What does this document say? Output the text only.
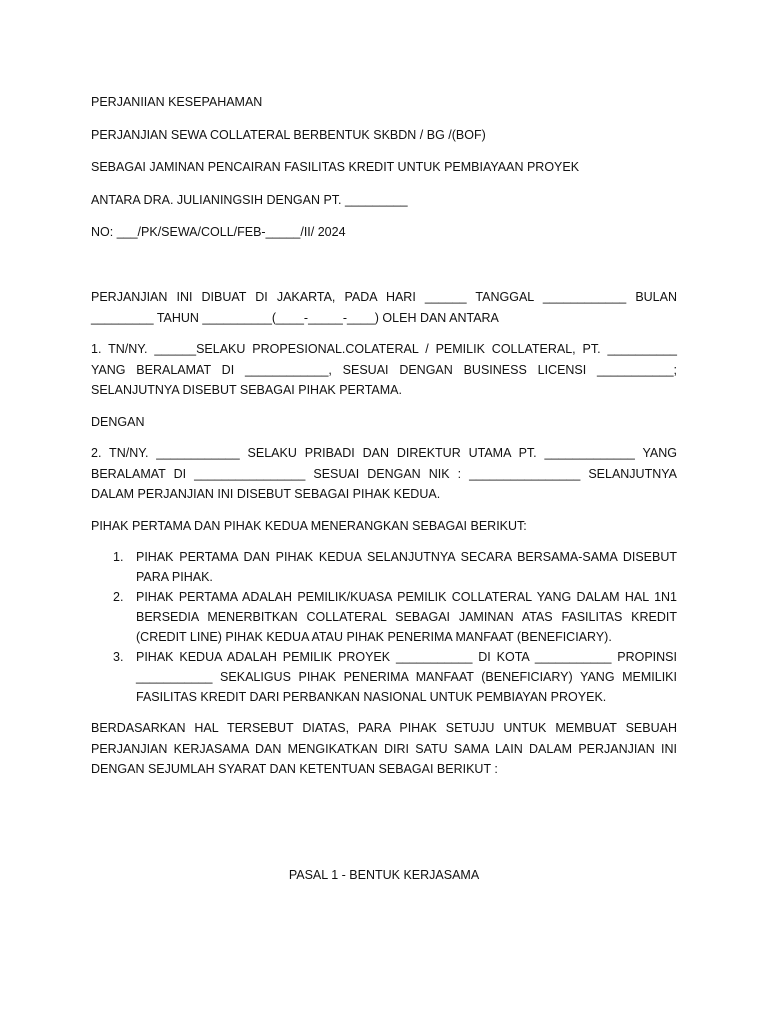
PERJANIIAN KESEPAHAMAN

PERJANJIAN SEWA COLLATERAL BERBENTUK SKBDN / BG /(BOF)

SEBAGAI JAMINAN PENCAIRAN FASILITAS KREDIT UNTUK PEMBIAYAAN PROYEK

ANTARA DRA. JULIANINGSIH DENGAN PT. _________

NO: ___/PK/SEWA/COLL/FEB-_____/II/ 2024

PERJANJIAN INI DIBUAT DI JAKARTA, PADA HARI ______ TANGGAL ____________ BULAN _________ TAHUN __________(____-_____-____) OLEH DAN ANTARA

1. TN/NY. ______SELAKU PROPESIONAL.COLATERAL / PEMILIK COLLATERAL, PT. __________ YANG BERALAMAT DI ____________, SESUAI DENGAN BUSINESS LICENSI ___________; SELANJUTNYA DISEBUT SEBAGAI PIHAK PERTAMA.

DENGAN

2. TN/NY. ____________ SELAKU PRIBADI DAN DIREKTUR UTAMA PT. _____________ YANG BERALAMAT DI ________________ SESUAI DENGAN NIK : ________________ SELANJUTNYA DALAM PERJANJIAN INI DISEBUT SEBAGAI PIHAK KEDUA.

PIHAK PERTAMA DAN PIHAK KEDUA MENERANGKAN SEBAGAI BERIKUT:

1. PIHAK PERTAMA DAN PIHAK KEDUA SELANJUTNYA SECARA BERSAMA-SAMA DISEBUT PARA PIHAK.
2. PIHAK PERTAMA ADALAH PEMILIK/KUASA PEMILIK COLLATERAL YANG DALAM HAL 1N1 BERSEDIA MENERBITKAN COLLATERAL SEBAGAI JAMINAN ATAS FASILITAS KREDIT (CREDIT LINE) PIHAK KEDUA ATAU PIHAK PENERIMA MANFAAT (BENEFICIARY).
3. PIHAK KEDUA ADALAH PEMILIK PROYEK ___________ DI KOTA ___________ PROPINSI ___________ SEKALIGUS PIHAK PENERIMA MANFAAT (BENEFICIARY) YANG MEMILIKI FASILITAS KREDIT DARI PERBANKAN NASIONAL UNTUK PEMBIAYAN PROYEK.

BERDASARKAN HAL TERSEBUT DIATAS, PARA PIHAK SETUJU UNTUK MEMBUAT SEBUAH PERJANJIAN KERJASAMA DAN MENGIKATKAN DIRI SATU SAMA LAIN DALAM PERJANJIAN INI DENGAN SEJUMLAH SYARAT DAN KETENTUAN SEBAGAI BERIKUT :

PASAL 1 - BENTUK KERJASAMA
